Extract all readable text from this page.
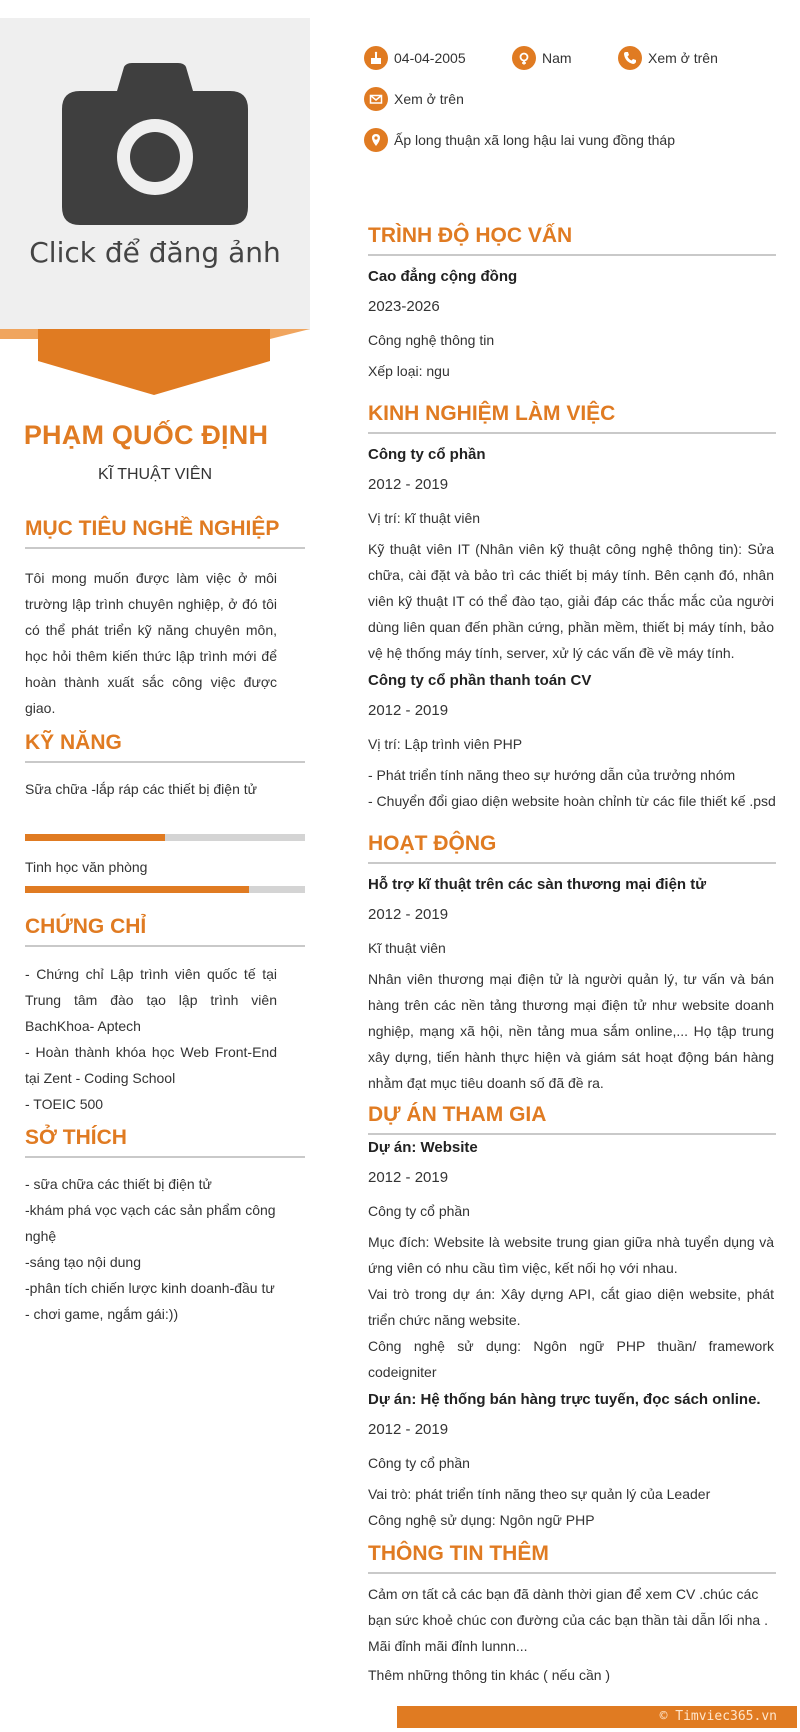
Click để đăng ảnh
PHẠM QUỐC ĐỊNH
KĨ THUẬT VIÊN
MỤC TIÊU NGHỀ NGHIỆP
Tôi mong muốn được làm việc ở môi trường lập trình chuyên nghiệp, ở đó tôi có thể phát triển kỹ năng chuyên môn, học hỏi thêm kiến thức lập trình mới để hoàn thành xuất sắc công việc được giao.
KỸ NĂNG
Sữa chữa -lắp ráp các thiết bị điện tử
Tinh học văn phòng
CHỨNG CHỈ
- Chứng chỉ Lập trình viên quốc tế tại Trung tâm đào tạo lập trình viên BachKhoa- Aptech
- Hoàn thành khóa học Web Front-End tại Zent - Coding School
- TOEIC 500
SỞ THÍCH
- sữa chữa các thiết bị điện tử
-khám phá vọc vạch các sản phẩm công nghệ
-sáng tạo nội dung
-phân tích chiến lược kinh doanh-đầu tư
- chơi game, ngắm gái:))
04-04-2005	Nam	Xem ở trên
Xem ở trên
Ấp long thuận xã long hậu lai vung đồng tháp
TRÌNH ĐỘ HỌC VẤN
Cao đẳng cộng đồng
2023-2026
Công nghệ thông tin
Xếp loại: ngu
KINH NGHIỆM LÀM VIỆC
Công ty cổ phần
2012 - 2019
Vị trí: kĩ thuật viên
Kỹ thuật viên IT (Nhân viên kỹ thuật công nghệ thông tin): Sửa chữa, cài đặt và bảo trì các thiết bị máy tính. Bên cạnh đó, nhân viên kỹ thuật IT có thể đào tạo, giải đáp các thắc mắc của người dùng liên quan đến phần cứng, phần mềm, thiết bị máy tính, bảo vệ hệ thống máy tính, server, xử lý các vấn đề về máy tính.
Công ty cổ phần thanh toán CV
2012 - 2019
Vị trí: Lập trình viên PHP
- Phát triển tính năng theo sự hướng dẫn của trưởng nhóm
- Chuyển đổi giao diện website hoàn chỉnh từ các file thiết kế .psd
HOẠT ĐỘNG
Hỗ trợ kĩ thuật trên các sàn thương mại điện tử
2012 - 2019
Kĩ thuật viên
Nhân viên thương mại điện tử là người quản lý, tư vấn và bán hàng trên các nền tảng thương mại điện tử như website doanh nghiệp, mạng xã hội, nền tảng mua sắm online,... Họ tập trung xây dựng, tiến hành thực hiện và giám sát hoạt động bán hàng nhằm đạt mục tiêu doanh số đã đề ra.
DỰ ÁN THAM GIA
Dự án: Website
2012 - 2019
Công ty cổ phần
Mục đích: Website là website trung gian giữa nhà tuyển dụng và ứng viên có nhu cầu tìm việc, kết nối họ với nhau.
Vai trò trong dự án: Xây dựng API, cắt giao diện website, phát triển chức năng website.
Công nghệ sử dụng: Ngôn ngữ PHP thuần/ framework codeigniter
Dự án: Hệ thống bán hàng trực tuyến, đọc sách online.
2012 - 2019
Công ty cổ phần
Vai trò: phát triển tính năng theo sự quản lý của Leader
Công nghệ sử dụng: Ngôn ngữ PHP
THÔNG TIN THÊM
Cảm ơn tất cả các bạn đã dành thời gian để xem CV .chúc các bạn sức khoẻ chúc con đường của các bạn thần tài dẫn lối nha . Mãi đỉnh mãi đỉnh lunnn...
Thêm những thông tin khác ( nếu cần )
© Timviec365.vn
